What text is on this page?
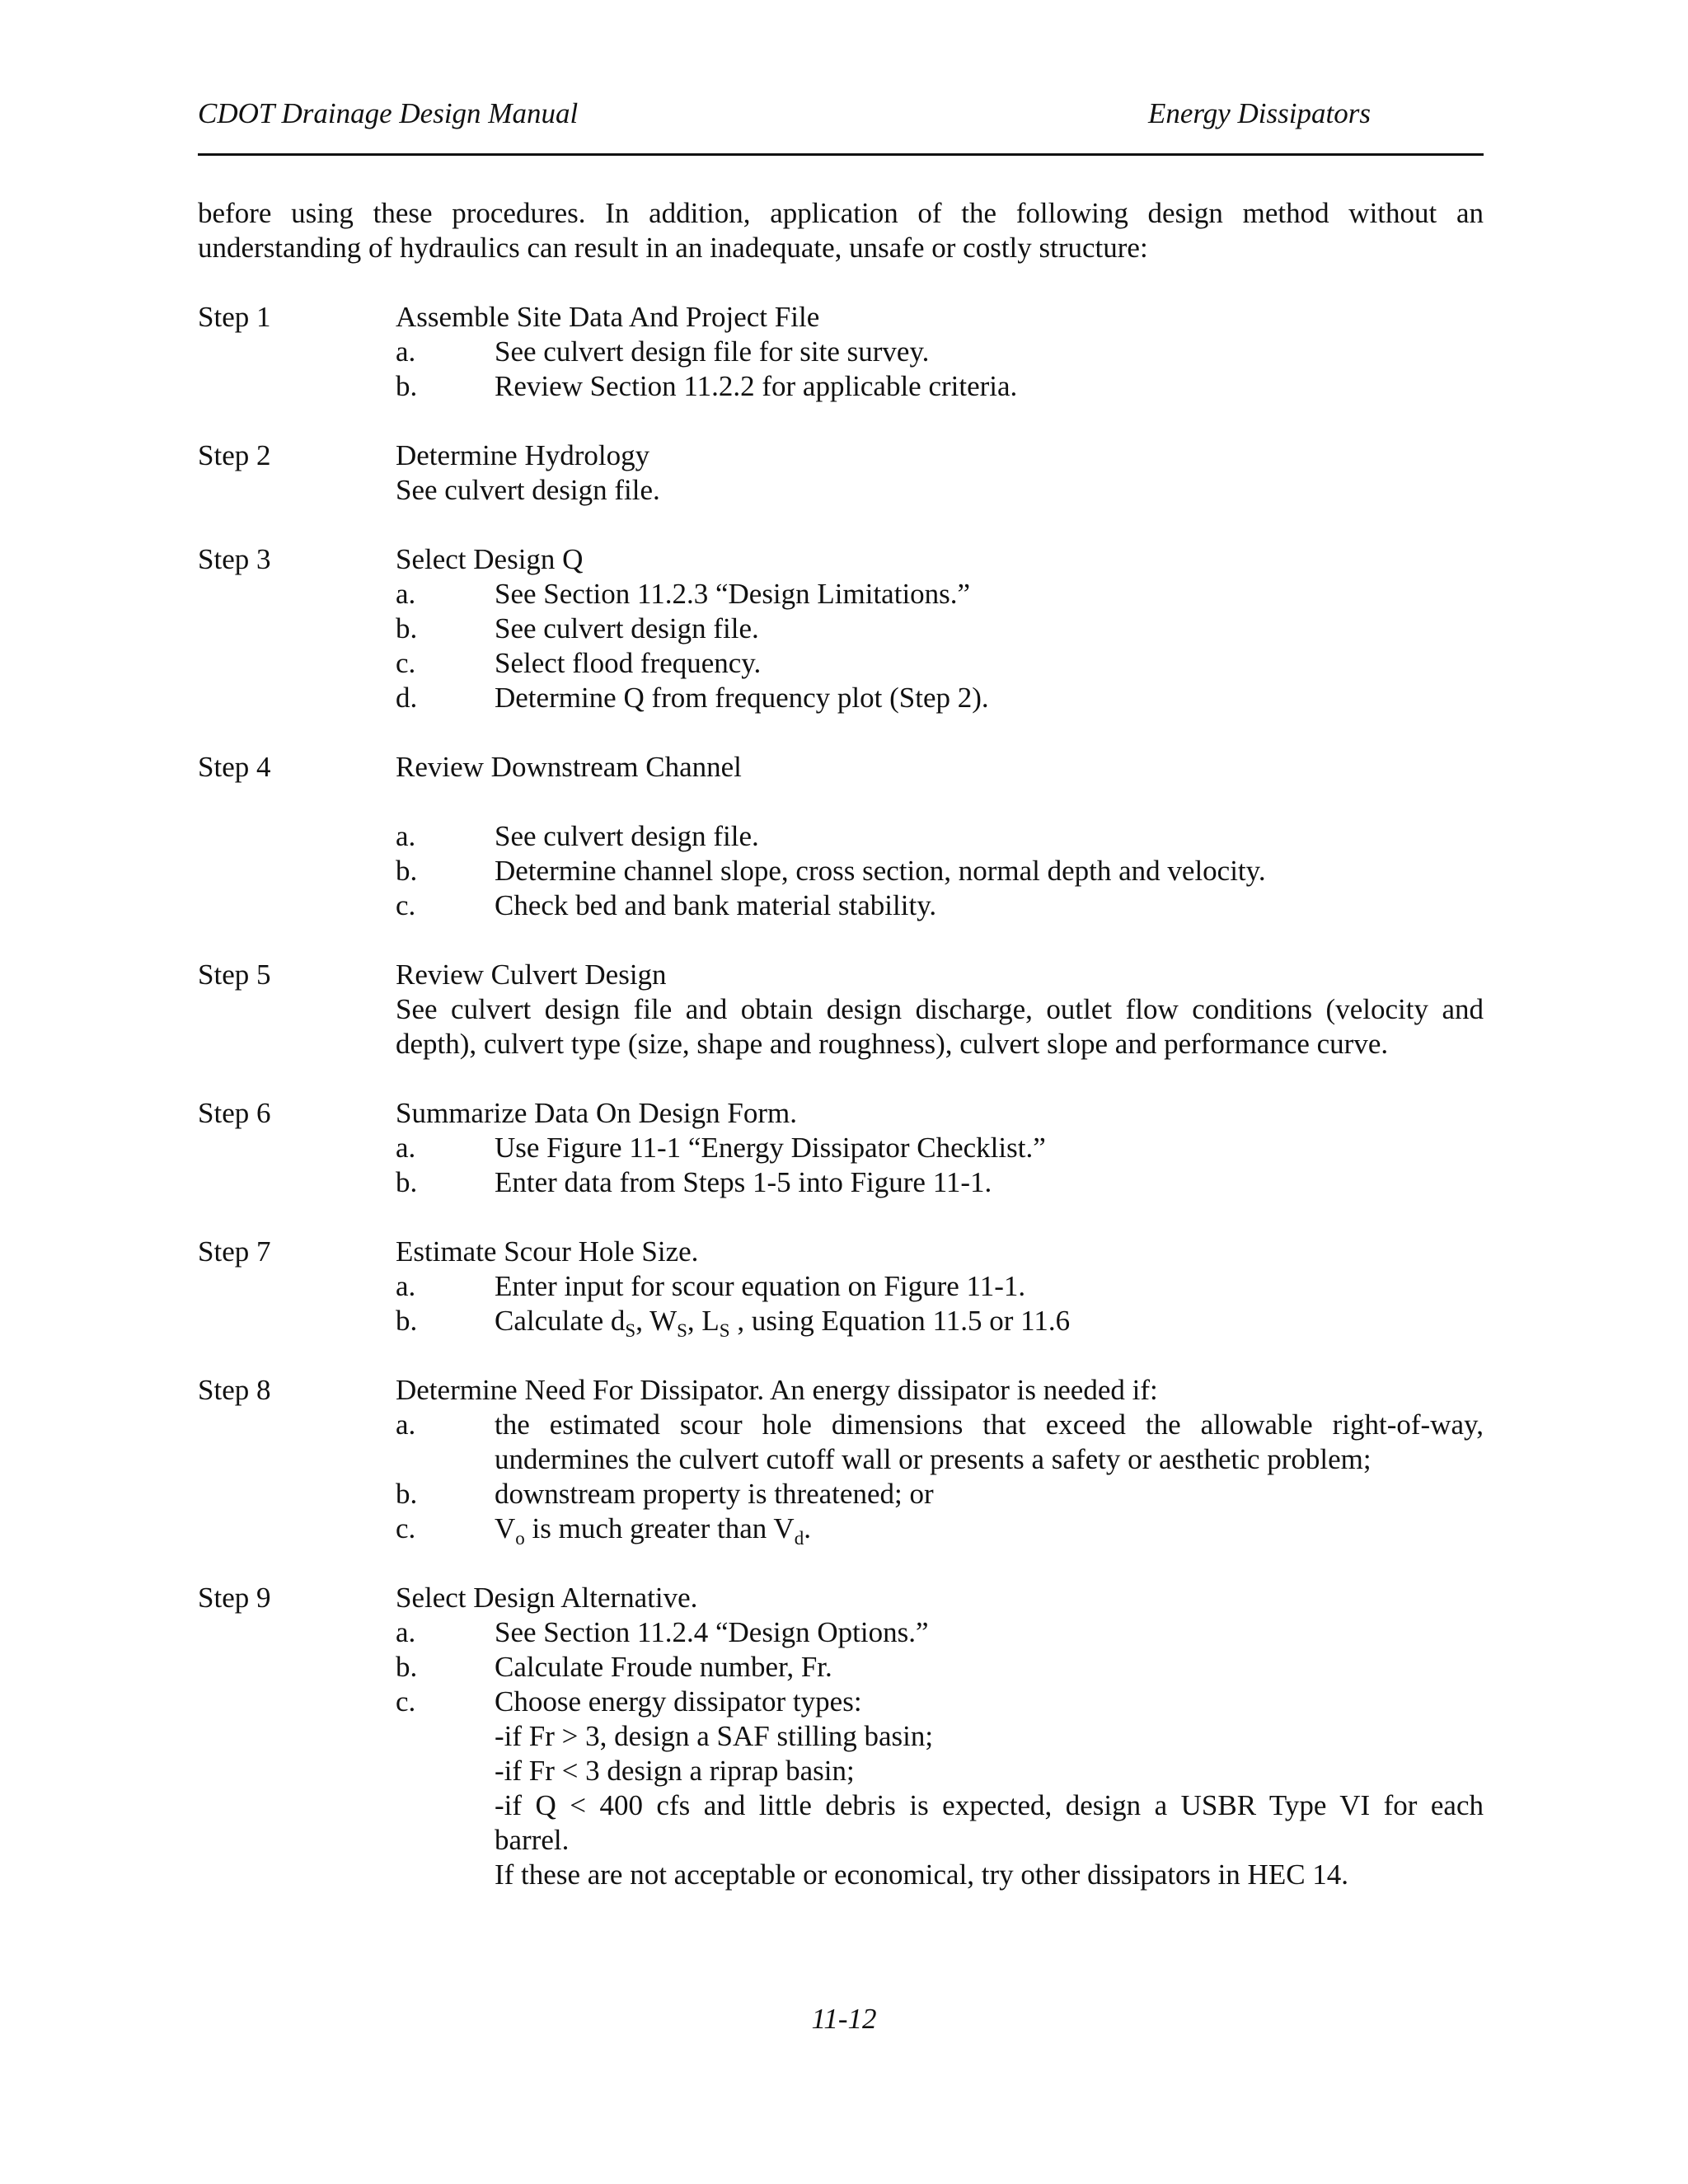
CDOT Drainage Design Manual	Energy Dissipators
before using these procedures. In addition, application of the following design method without an
understanding of hydraulics can result in an inadequate, unsafe or costly structure:
Step 1	Assemble Site Data And Project File
a.	See culvert design file for site survey.
b.	Review Section 11.2.2 for applicable criteria.
Step 2	Determine Hydrology
See culvert design file.
Step 3	Select Design Q
a.	See Section 11.2.3 “Design Limitations.”
b.	See culvert design file.
c.	Select flood frequency.
d.	Determine Q from frequency plot (Step 2).
Step 4	Review Downstream Channel
a.	See culvert design file.
b.	Determine channel slope, cross section, normal depth and velocity.
c.	Check bed and bank material stability.
Step 5	Review Culvert Design
See culvert design file and obtain design discharge, outlet flow conditions (velocity and
depth), culvert type (size, shape and roughness), culvert slope and performance curve.
Step 6	Summarize Data On Design Form.
a.	Use Figure 11-1 “Energy Dissipator Checklist.”
b.	Enter data from Steps 1-5 into Figure 11-1.
Step 7	Estimate Scour Hole Size.
a.	Enter input for scour equation on Figure 11-1.
b.	Calculate $d_S$, $W_S$, $L_S$ , using Equation 11.5 or 11.6
Step 8	Determine Need For Dissipator. An energy dissipator is needed if:
a.	the estimated scour hole dimensions that exceed the allowable right-of-way,
undermines the culvert cutoff wall or presents a safety or aesthetic problem;
b.	downstream property is threatened; or
c.	$V_o$ is much greater than $V_d$.
Step 9	Select Design Alternative.
a.	See Section 11.2.4 “Design Options.”
b.	Calculate Froude number, Fr.
c.	Choose energy dissipator types:
-if Fr > 3, design a SAF stilling basin;
-if Fr < 3 design a riprap basin;
-if Q < 400 cfs and little debris is expected, design a USBR Type VI for each
barrel.
If these are not acceptable or economical, try other dissipators in HEC 14.
11-12
